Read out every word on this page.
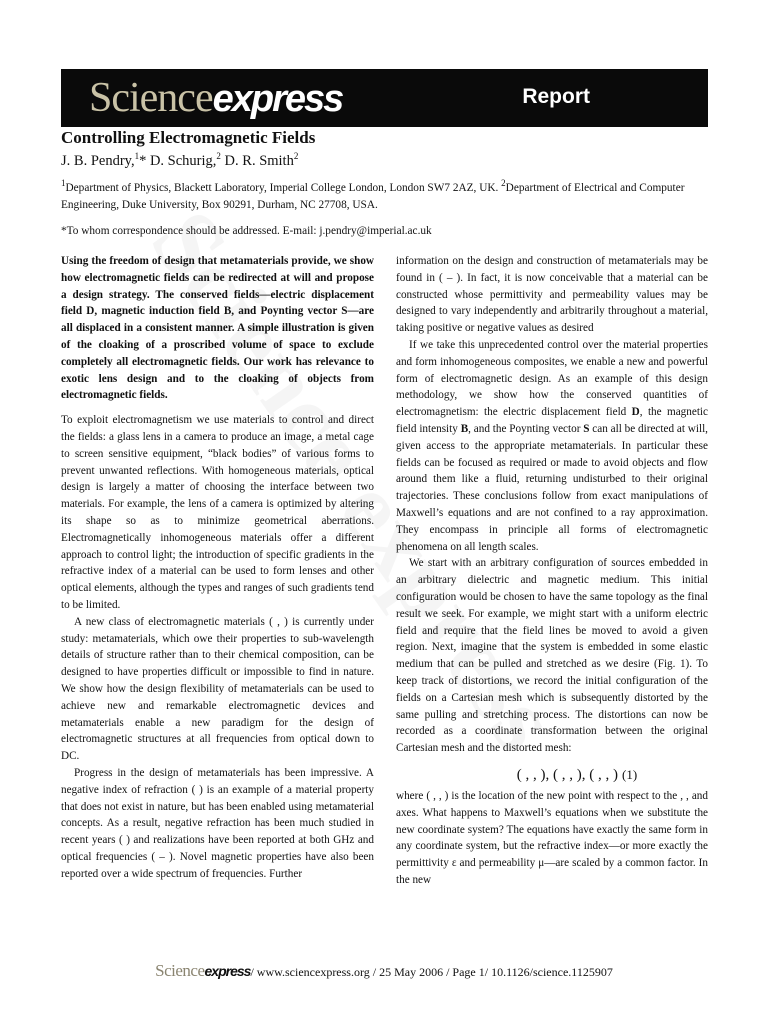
Scienceexpress	Report
Controlling Electromagnetic Fields
J. B. Pendry,$^1$* D. Schurig,$^2$ D. R. Smith$^2$
$^1$Department of Physics, Blackett Laboratory, Imperial College London, London SW7 2AZ, UK. $^2$Department of Electrical and Computer Engineering, Duke University, Box 90291, Durham, NC 27708, USA.
*To whom correspondence should be addressed. E-mail: j.pendry@imperial.ac.uk

Using the freedom of design that metamaterials provide, we show how electromagnetic fields can be redirected at will and propose a design strategy. The conserved fields—electric displacement field D, magnetic induction field B, and Poynting vector S—are all displaced in a consistent manner. A simple illustration is given of the cloaking of a proscribed volume of space to exclude completely all electromagnetic fields. Our work has relevance to exotic lens design and to the cloaking of objects from electromagnetic fields.

To exploit electromagnetism we use materials to control and direct the fields: a glass lens in a camera to produce an image, a metal cage to screen sensitive equipment, “black bodies” of various forms to prevent unwanted reflections. With homogeneous materials, optical design is largely a matter of choosing the interface between two materials. For example, the lens of a camera is optimized by altering its shape so as to minimize geometrical aberrations. Electromagnetically inhomogeneous materials offer a different approach to control light; the introduction of specific gradients in the refractive index of a material can be used to form lenses and other optical elements, although the types and ranges of such gradients tend to be limited.

A new class of electromagnetic materials ( , ) is currently under study: metamaterials, which owe their properties to sub-wavelength details of structure rather than to their chemical composition, can be designed to have properties difficult or impossible to find in nature. We show how the design flexibility of metamaterials can be used to achieve new and remarkable electromagnetic devices and metamaterials enable a new paradigm for the design of electromagnetic structures at all frequencies from optical down to DC.

Progress in the design of metamaterials has been impressive. A negative index of refraction ( ) is an example of a material property that does not exist in nature, but has been enabled using metamaterial concepts. As a result, negative refraction has been much studied in recent years ( ) and realizations have been reported at both GHz and optical frequencies ( – ). Novel magnetic properties have also been reported over a wide spectrum of frequencies. Further

information on the design and construction of metamaterials may be found in ( – ). In fact, it is now conceivable that a material can be constructed whose permittivity and permeability values may be designed to vary independently and arbitrarily throughout a material, taking positive or negative values as desired

If we take this unprecedented control over the material properties and form inhomogeneous composites, we enable a new and powerful form of electromagnetic design. As an example of this design methodology, we show how the conserved quantities of electromagnetism: the electric displacement field D, the magnetic field intensity B, and the Poynting vector S can all be directed at will, given access to the appropriate metamaterials. In particular these fields can be focused as required or made to avoid objects and flow around them like a fluid, returning undisturbed to their original trajectories. These conclusions follow from exact manipulations of Maxwell’s equations and are not confined to a ray approximation. They encompass in principle all forms of electromagnetic phenomena on all length scales.

We start with an arbitrary configuration of sources embedded in an arbitrary dielectric and magnetic medium. This initial configuration would be chosen to have the same topology as the final result we seek. For example, we might start with a uniform electric field and require that the field lines be moved to avoid a given region. Next, imagine that the system is embedded in some elastic medium that can be pulled and stretched as we desire (Fig. 1). To keep track of distortions, we record the initial configuration of the fields on a Cartesian mesh which is subsequently distorted by the same pulling and stretching process. The distortions can now be recorded as a coordinate transformation between the original Cartesian mesh and the distorted mesh:

( , , ), ( , , ), ( , , ) (1)

where ( , , ) is the location of the new point with respect to the , , and axes. What happens to Maxwell’s equations when we substitute the new coordinate system? The equations have exactly the same form in any coordinate system, but the refractive index—or more exactly the permittivity ε and permeability μ—are scaled by a common factor. In the new

Scienceexpress/ www.sciencexpress.org / 25 May 2006 / Page 1/ 10.1126/science.1125907
